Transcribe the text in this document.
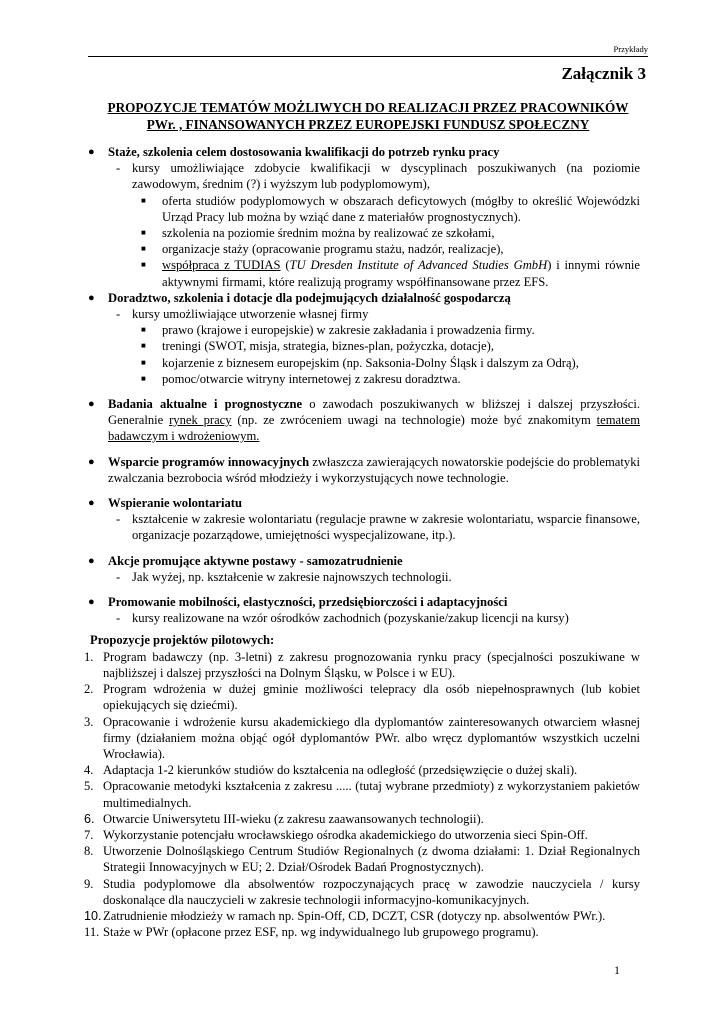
Przykłady
Załącznik 3
PROPOZYCJE TEMATÓW MOŻLIWYCH DO REALIZACJI PRZEZ PRACOWNIKÓW
PWr. , FINANSOWANYCH PRZEZ EUROPEJSKI FUNDUSZ SPOŁECZNY
● Staże, szkolenia celem dostosowania kwalifikacji do potrzeb rynku pracy
- kursy umożliwiające zdobycie kwalifikacji w dyscyplinach poszukiwanych (na poziomie zawodowym, średnim (?) i wyższym lub podyplomowym),
■ oferta studiów podyplomowych w obszarach deficytowych (mógłby to określić Wojewódzki Urząd Pracy lub można by wziąć dane z materiałów prognostycznych).
■ szkolenia na poziomie średnim można by realizować ze szkołami,
■ organizacje staży (opracowanie programu stażu, nadzór, realizacje),
■ współpraca z TUDIAS (TU Dresden Institute of Advanced Studies GmbH) i innymi równie aktywnymi firmami, które realizują programy współfinansowane przez EFS.
● Doradztwo, szkolenia i dotacje dla podejmujących działalność gospodarczą
- kursy umożliwiające utworzenie własnej firmy
■ prawo (krajowe i europejskie) w zakresie zakładania i prowadzenia firmy.
■ treningi (SWOT, misja, strategia, biznes-plan, pożyczka, dotacje),
■ kojarzenie z biznesem europejskim (np. Saksonia-Dolny Śląsk i dalszym za Odrą),
■ pomoc/otwarcie witryny internetowej z zakresu doradztwa.
● Badania aktualne i prognostyczne o zawodach poszukiwanych w bliższej i dalszej przyszłości. Generalnie rynek pracy (np. ze zwróceniem uwagi na technologie) może być znakomitym tematem badawczym i wdrożeniowym.
● Wsparcie programów innowacyjnych zwłaszcza zawierających nowatorskie podejście do problematyki zwalczania bezrobocia wśród młodzieży i wykorzystujących nowe technologie.
● Wspieranie wolontariatu
- kształcenie w zakresie wolontariatu (regulacje prawne w zakresie wolontariatu, wsparcie finansowe, organizacje pozarządowe, umiejętności wyspecjalizowane, itp.).
● Akcje promujące aktywne postawy - samozatrudnienie
- Jak wyżej, np. kształcenie w zakresie najnowszych technologii.
● Promowanie mobilności, elastyczności, przedsiębiorczości i adaptacyjności
- kursy realizowane na wzór ośrodków zachodnich (pozyskanie/zakup licencji na kursy)
Propozycje projektów pilotowych:
1. Program badawczy (np. 3-letni) z zakresu prognozowania rynku pracy (specjalności poszukiwane w najbliższej i dalszej przyszłości na Dolnym Śląsku, w Polsce i w EU).
2. Program wdrożenia w dużej gminie możliwości telepracy dla osób niepełnosprawnych (lub kobiet opiekujących się dziećmi).
3. Opracowanie i wdrożenie kursu akademickiego dla dyplomantów zainteresowanych otwarciem własnej firmy (działaniem można objąć ogół dyplomantów PWr. albo wręcz dyplomantów wszystkich uczelni Wrocławia).
4. Adaptacja 1-2 kierunków studiów do kształcenia na odległość (przedsięwzięcie o dużej skali).
5. Opracowanie metodyki kształcenia z zakresu ..... (tutaj wybrane przedmioty) z wykorzystaniem pakietów multimedialnych.
6. Otwarcie Uniwersytetu III-wieku (z zakresu zaawansowanych technologii).
7. Wykorzystanie potencjału wrocławskiego ośrodka akademickiego do utworzenia sieci Spin-Off.
8. Utworzenie Dolnośląskiego Centrum Studiów Regionalnych (z dwoma działami: 1. Dział Regionalnych Strategii Innowacyjnych w EU; 2. Dział/Ośrodek Badań Prognostycznych).
9. Studia podyplomowe dla absolwentów rozpoczynających pracę w zawodzie nauczyciela / kursy doskonalące dla nauczycieli w zakresie technologii informacyjno-komunikacyjnych.
10. Zatrudnienie młodzieży w ramach np. Spin-Off, CD, DCZT, CSR (dotyczy np. absolwentów PWr.).
11. Staże w PWr (opłacone przez ESF, np. wg indywidualnego lub grupowego programu).
1
